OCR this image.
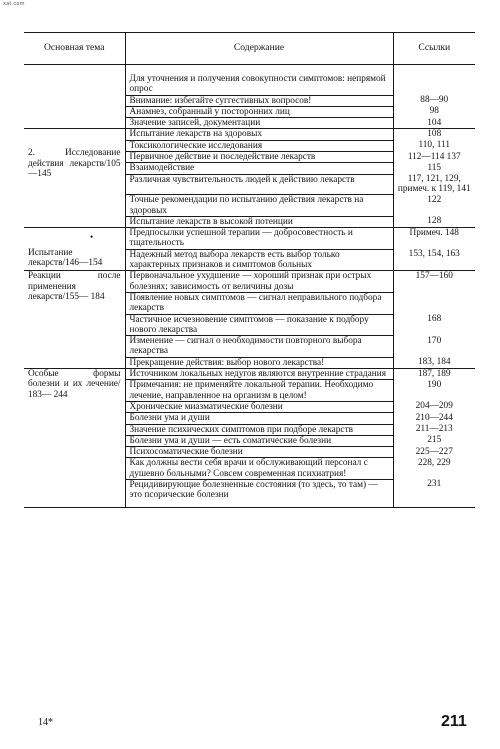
xat.com
Основная тема	Содержание	Ссылки

	Для уточнения и получения совокупности симптомов: непрямой опрос	
	Внимание: избегайте суггестивных вопросов!	88—90
	Анамнез, собранный у посторонних лиц	98
	Значение записей, документации	104

2. Исследование действия лекарств/105—145	Испытание лекарств на здоровых	108
	Токсикологические исследования	110, 111
	Первичное действие и последействие лекарств	112—114 137
	Взаимодействие	115
	Различная чувствительность людей к действию лекарств	117, 121, 129, примеч. к 119, 141
	Точные рекомендации по испытанию действия лекарств на здоровых	122
	Испытание лекарств в высокой потенции	128

Испытание лекарств/146—154	Предпосылки успешной терапии — добросовестность и тщательность	Примеч. 148
	Надежный метод выбора лекарств есть выбор только характерных признаков и симптомов больных	153, 154, 163

Реакции после применения лекарств/155— 184	Первоначальное ухудшение — хороший признак при острых болезнях; зависимость от величины дозы	157—160
	Появление новых симптомов — сигнал неправильного подбора лекарств	
	Частичное исчезновение симптомов — показание к подбору нового лекарства	168
	Изменение — сигнал о необходимости повторного выбора лекарства	170
	Прекращение действия: выбор нового лекарства!	183, 184

Особые формы болезни и их лечение/ 183— 244	Источником локальных недугов являются внутренние страдания	187, 189
	Примечания: не применяйте локальной терапии. Необходимо лечение, направленное на организм в целом!	190
	Хронические миазматические болезни	204—209
	Болезни ума и души	210—244
	Значение психических симптомов при подборе лекарств	211—213
	Болезни ума и души — есть соматические болезни	215
	Психосоматические болезни	225—227
	Как должны вести себя врачи и обслуживающий персонал с душевно больными? Совсем современная психиатрия!	228, 229
	Рецидивирующие болезненные состояния (то здесь, то там) — это псорические болезни	231
•
14*	211
